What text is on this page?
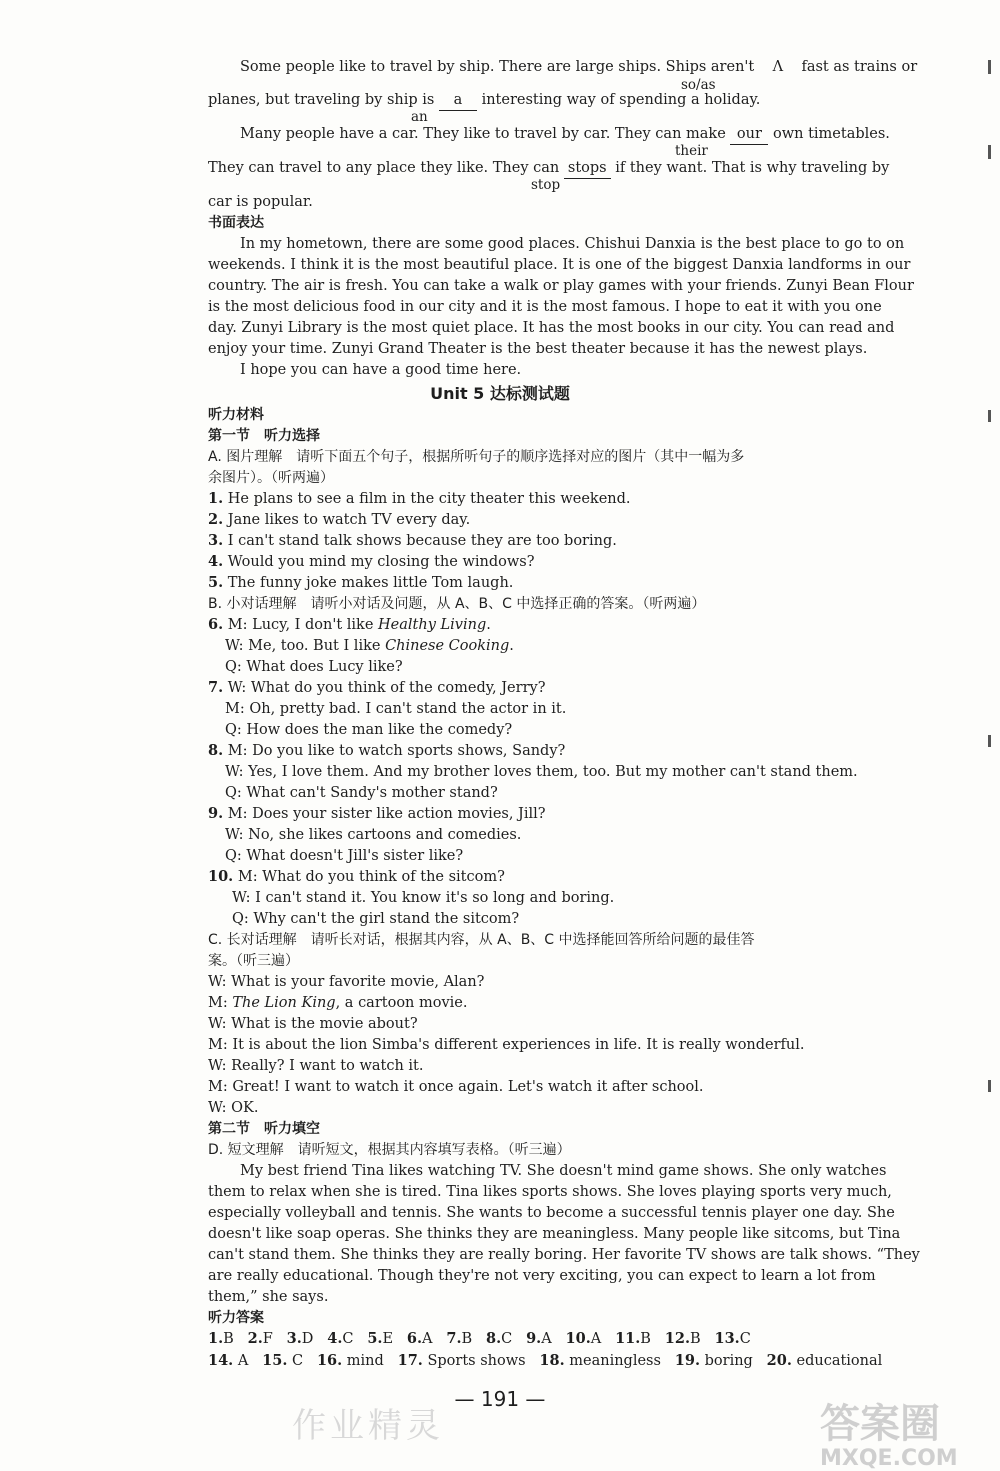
Some people like to travel by ship. There are large ships. Ships aren't Λ fast as trains or
so/as
planes, but traveling by ship is a interesting way of spending a holiday.
an
Many people have a car. They like to travel by car. They can make our own timetables.
their
They can travel to any place they like. They can stops if they want. That is why traveling by
stop
car is popular.
书面表达
In my hometown, there are some good places. Chishui Danxia is the best place to go to on
weekends. I think it is the most beautiful place. It is one of the biggest Danxia landforms in our
country. The air is fresh. You can take a walk or play games with your friends. Zunyi Bean Flour
is the most delicious food in our city and it is the most famous. I hope to eat it with you one
day. Zunyi Library is the most quiet place. It has the most books in our city. You can read and
enjoy your time. Zunyi Grand Theater is the best theater because it has the newest plays.
I hope you can have a good time here.
Unit 5 达标测试题
听力材料
第一节　听力选择
A. 图片理解　请听下面五个句子，根据所听句子的顺序选择对应的图片（其中一幅为多
余图片）。（听两遍）
1. He plans to see a film in the city theater this weekend.
2. Jane likes to watch TV every day.
3. I can't stand talk shows because they are too boring.
4. Would you mind my closing the windows?
5. The funny joke makes little Tom laugh.
B. 小对话理解　请听小对话及问题，从 A、B、C 中选择正确的答案。（听两遍）
6. M: Lucy, I don't like Healthy Living.
W: Me, too. But I like Chinese Cooking.
Q: What does Lucy like?
7. W: What do you think of the comedy, Jerry?
M: Oh, pretty bad. I can't stand the actor in it.
Q: How does the man like the comedy?
8. M: Do you like to watch sports shows, Sandy?
W: Yes, I love them. And my brother loves them, too. But my mother can't stand them.
Q: What can't Sandy's mother stand?
9. M: Does your sister like action movies, Jill?
W: No, she likes cartoons and comedies.
Q: What doesn't Jill's sister like?
10. M: What do you think of the sitcom?
W: I can't stand it. You know it's so long and boring.
Q: Why can't the girl stand the sitcom?
C. 长对话理解　请听长对话，根据其内容，从 A、B、C 中选择能回答所给问题的最佳答
案。（听三遍）
W: What is your favorite movie, Alan?
M: The Lion King, a cartoon movie.
W: What is the movie about?
M: It is about the lion Simba's different experiences in life. It is really wonderful.
W: Really? I want to watch it.
M: Great! I want to watch it once again. Let's watch it after school.
W: OK.
第二节　听力填空
D. 短文理解　请听短文，根据其内容填写表格。（听三遍）
My best friend Tina likes watching TV. She doesn't mind game shows. She only watches
them to relax when she is tired. Tina likes sports shows. She loves playing sports very much,
especially volleyball and tennis. She wants to become a successful tennis player one day. She
doesn't like soap operas. She thinks they are meaningless. Many people like sitcoms, but Tina
can't stand them. She thinks they are really boring. Her favorite TV shows are talk shows. “They
are really educational. Though they're not very exciting, you can expect to learn a lot from
them,” she says.
听力答案
1.B 2.F 3.D 4.C 5.E 6.A 7.B 8.C 9.A 10.A 11.B 12.B 13.C
14. A 15. C 16. mind 17. Sports shows 18. meaningless 19. boring 20. educational
— 191 —
作业精灵	答案圈
MXQE.COM
